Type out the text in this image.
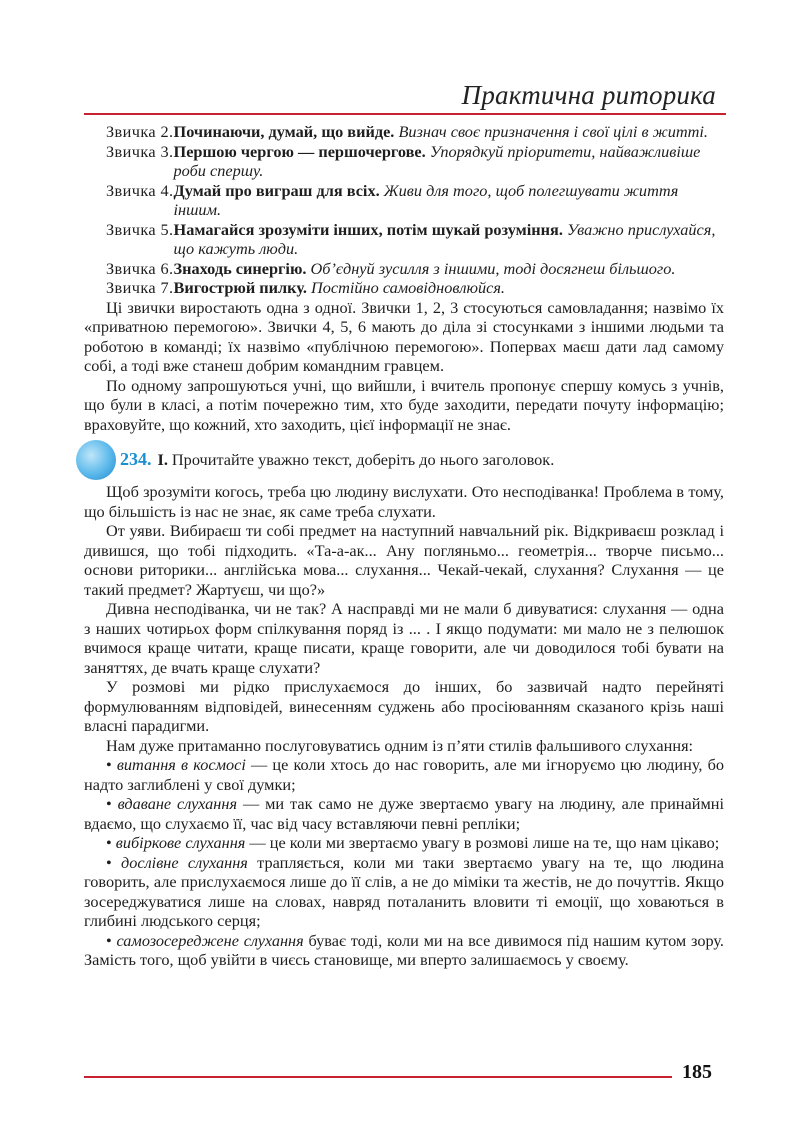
Практична риторика
Звичка 2. Починаючи, думай, що вийде. Визнач своє призначення і свої цілі в житті.
Звичка 3. Першою чергою — першочергове. Упорядкуй пріоритети, найважливіше роби спершу.
Звичка 4. Думай про виграш для всіх. Живи для того, щоб полегшувати життя іншим.
Звичка 5. Намагайся зрозуміти інших, потім шукай розуміння. Уважно прислухайся, що кажуть люди.
Звичка 6. Знаходь синергію. Об’єднуй зусилля з іншими, тоді досягнеш більшого.
Звичка 7. Вигострюй пилку. Постійно самовідновлюйся.

Ці звички виростають одна з одної. Звички 1, 2, 3 стосуються самовладання; назвімо їх «приватною перемогою». Звички 4, 5, 6 мають до діла зі стосунками з іншими людьми та роботою в команді; їх назвімо «публічною перемогою». Попервах маєш дати лад самому собі, а тоді вже станеш добрим командним гравцем.

По одному запрошуються учні, що вийшли, і вчитель пропонує спершу комусь з учнів, що були в класі, а потім почережно тим, хто буде заходити, передати почуту інформацію; враховуйте, що кожний, хто заходить, цієї інформації не знає.

234. I. Прочитайте уважно текст, доберіть до нього заголовок.

Щоб зрозуміти когось, треба цю людину вислухати. Ото несподіванка! Проблема в тому, що більшість із нас не знає, як саме треба слухати.

От уяви. Вибираєш ти собі предмет на наступний навчальний рік. Відкриваєш розклад і дивишся, що тобі підходить. «Та-а-ак... Ану погляньмо... геометрія... творче письмо... основи риторики... англійська мова... слухання... Чекай-чекай, слухання? Слухання — це такий предмет? Жартуєш, чи що?»

Дивна несподіванка, чи не так? А насправді ми не мали б дивуватися: слухання — одна з наших чотирьох форм спілкування поряд із ... . І якщо подумати: ми мало не з пелюшок вчимося краще читати, краще писати, краще говорити, але чи доводилося тобі бувати на заняттях, де вчать краще слухати?

У розмові ми рідко прислухаємося до інших, бо зазвичай надто перейняті формулюванням відповідей, винесенням суджень або просіюванням сказаного крізь наші власні парадигми.

Нам дуже притаманно послуговуватись одним із п’яти стилів фальшивого слухання:

• витання в космосі — це коли хтось до нас говорить, але ми ігноруємо цю людину, бо надто заглиблені у свої думки;

• вдаване слухання — ми так само не дуже звертаємо увагу на людину, але принаймні вдаємо, що слухаємо її, час від часу вставляючи певні репліки;

• вибіркове слухання — це коли ми звертаємо увагу в розмові лише на те, що нам цікаво;

• дослівне слухання трапляється, коли ми таки звертаємо увагу на те, що людина говорить, але прислухаємося лише до її слів, а не до міміки та жестів, не до почуттів. Якщо зосереджуватися лише на словах, навряд поталанить вловити ті емоції, що ховаються в глибині людського серця;

• самозосереджене слухання буває тоді, коли ми на все дивимося під нашим кутом зору. Замість того, щоб увійти в чиєсь становище, ми вперто залишаємось у своєму.

185
